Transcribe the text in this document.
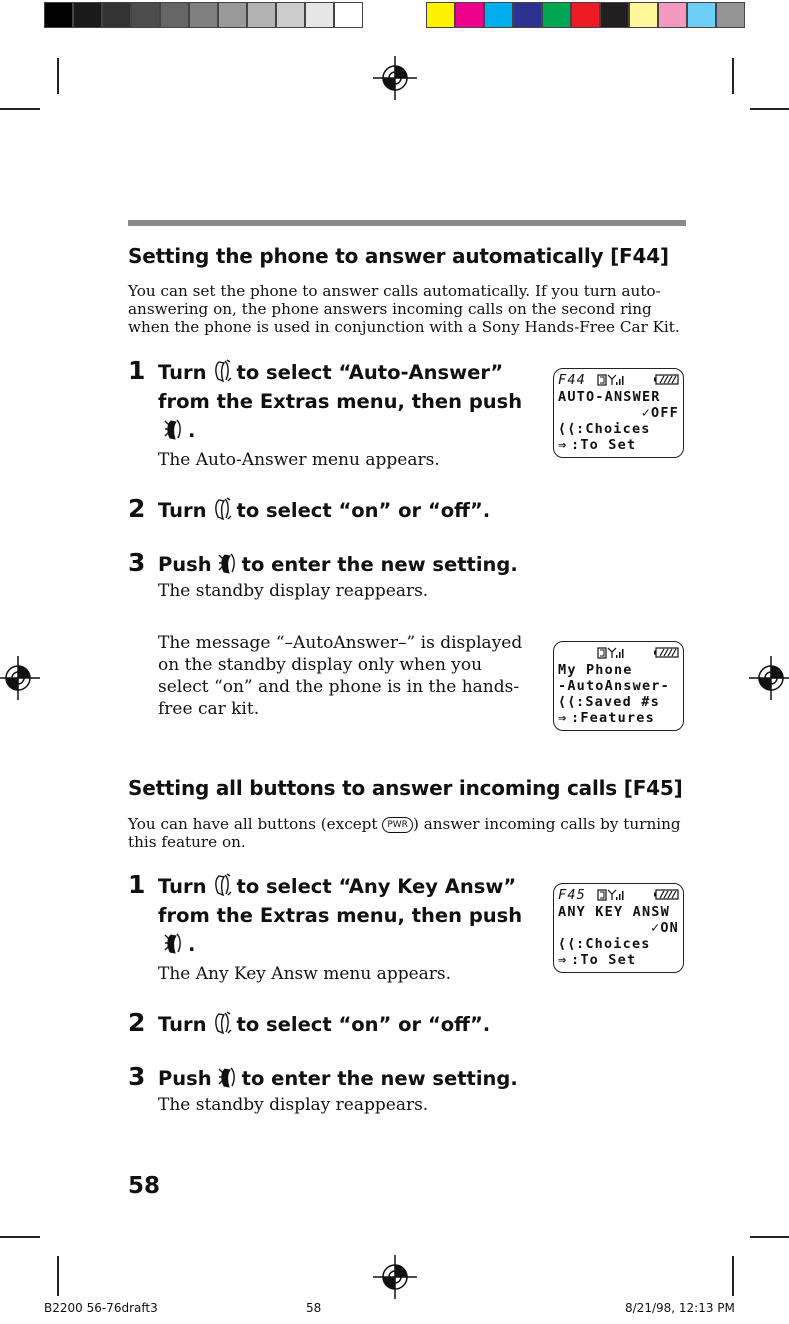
Setting the phone to answer automatically [F44]

You can set the phone to answer calls automatically. If you turn auto-answering on, the phone answers incoming calls on the second ring when the phone is used in conjunction with a Sony Hands-Free Car Kit.

1 Turn to select “Auto-Answer” from the Extras menu, then push.

The Auto-Answer menu appears.

2 Turn to select “on” or “off”.

3 Push to enter the new setting.

The standby display reappears.

The message “–AutoAnswer–” is displayed on the standby display only when you select “on” and the phone is in the hands-free car kit.

F44
AUTO-ANSWER
✓OFF
⟨⟨ :Choices
⇒ :To Set
My Phone
-AutoAnswer-
⟨⟨ :Saved #s
⇒ :Features
Setting all buttons to answer incoming calls [F45]

You can have all buttons (except PWR ) answer incoming calls by turning this feature on.

1 Turn to select “Any Key Answ” from the Extras menu, then push.

The Any Key Answ menu appears.

2 Turn to select “on” or “off”.

3 Push to enter the new setting.

The standby display reappears.

F45
ANY KEY ANSW
✓ON
⟨⟨ :Choices
⇒ :To Set
58
B2200 56-76draft3	58	8/21/98, 12:13 PM
